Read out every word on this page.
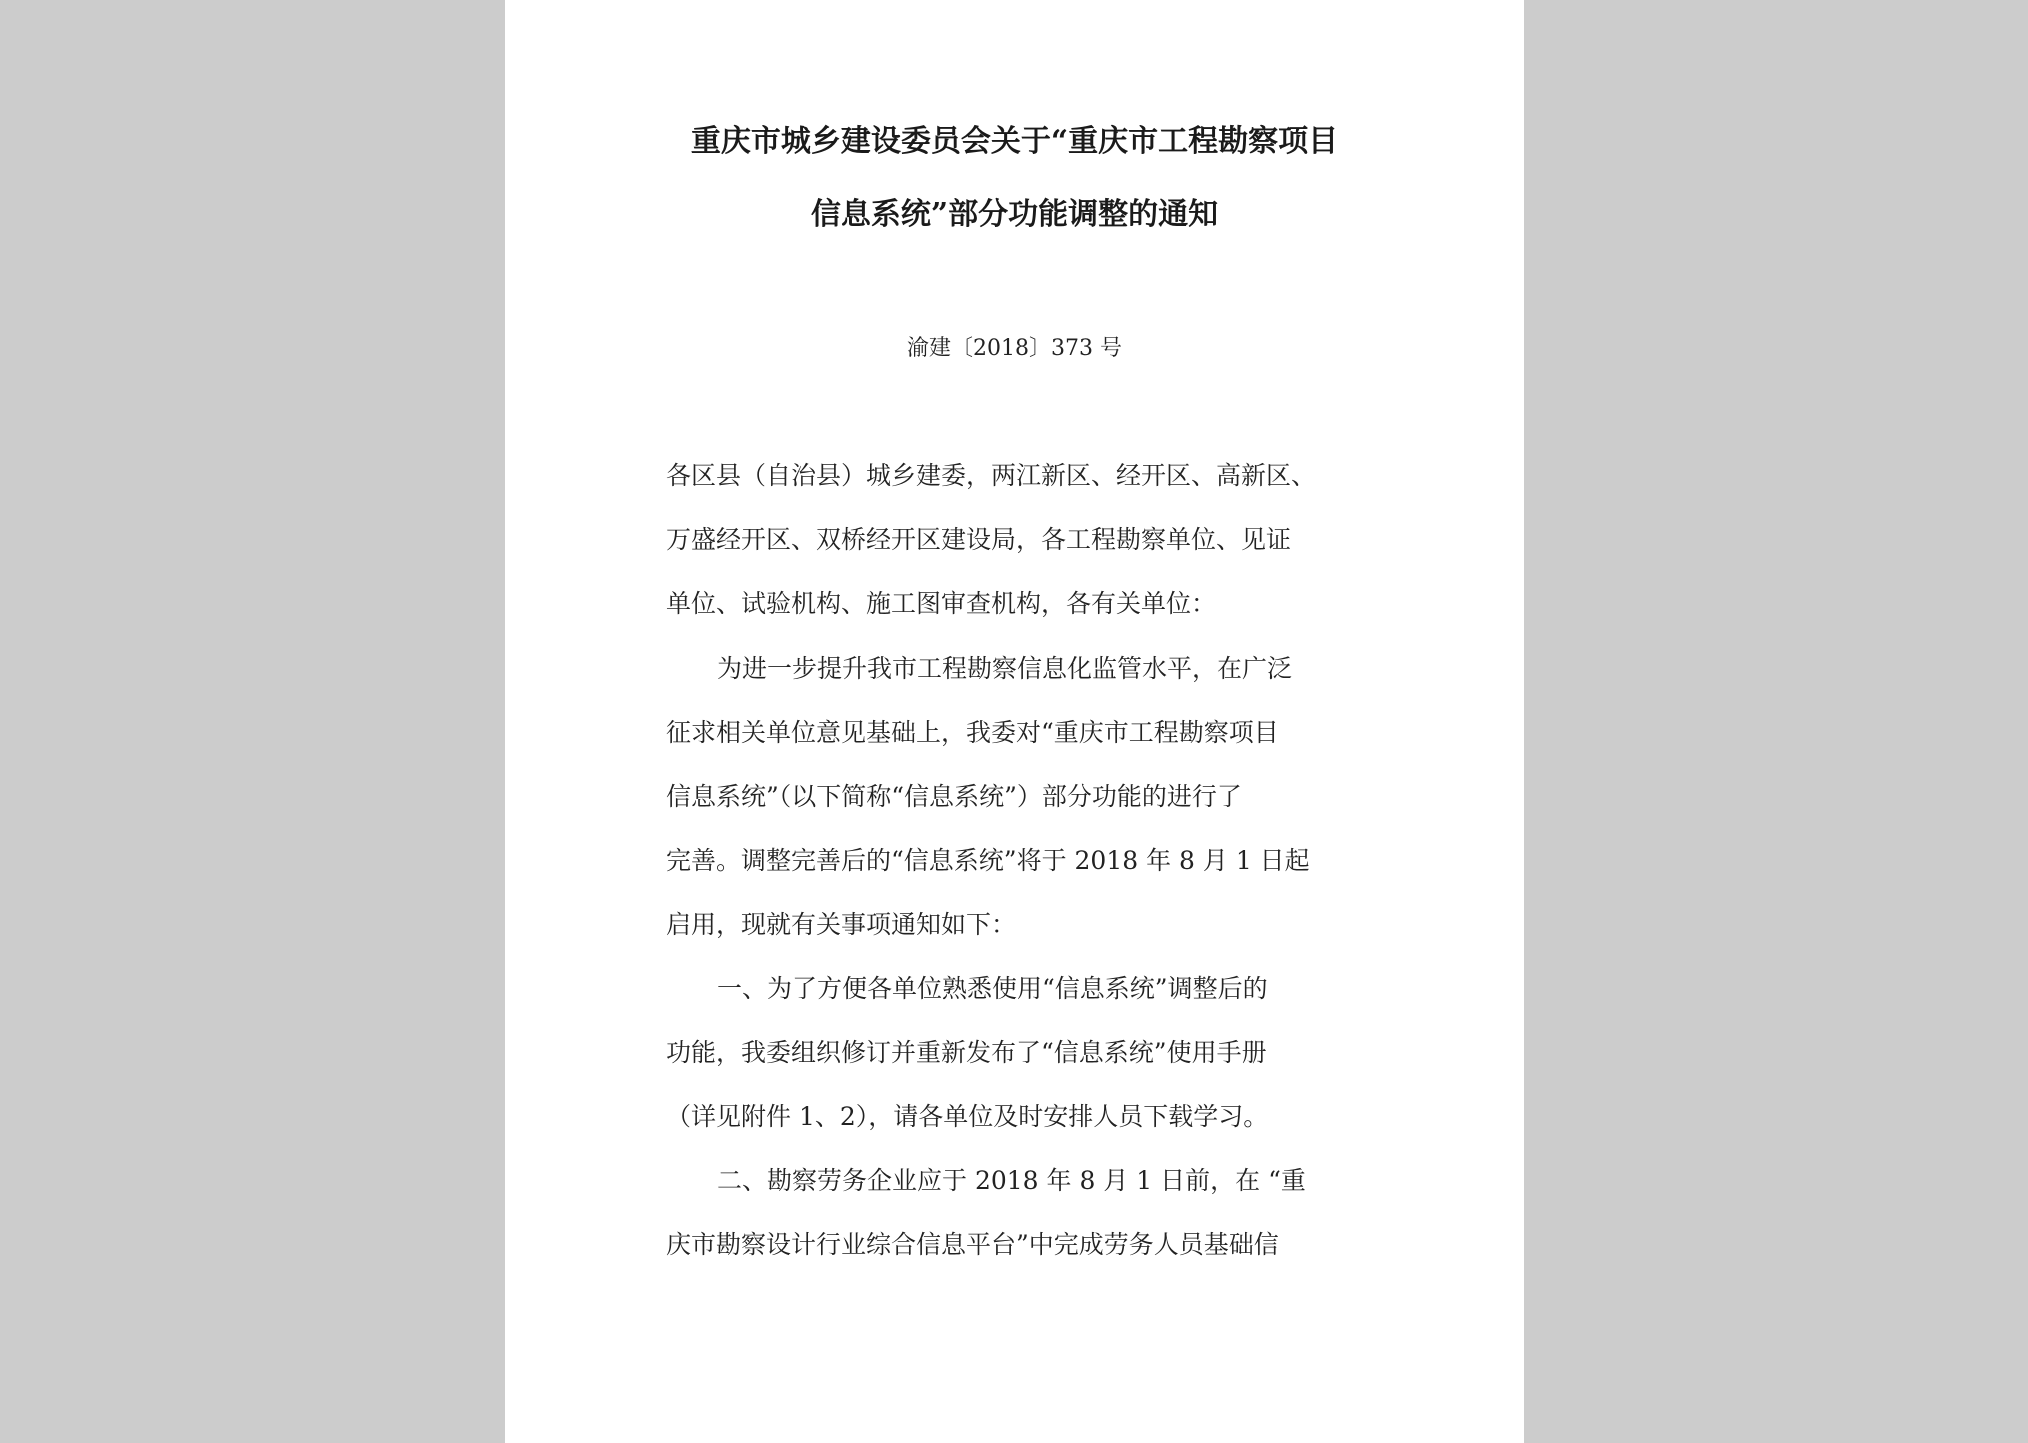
重庆市城乡建设委员会关于“重庆市工程勘察项目
信息系统”部分功能调整的通知
渝建〔2018〕373 号
各区县（自治县）城乡建委，两江新区、经开区、高新区、
万盛经开区、双桥经开区建设局，各工程勘察单位、见证
单位、试验机构、施工图审查机构，各有关单位：
为进一步提升我市工程勘察信息化监管水平，在广泛
征求相关单位意见基础上，我委对“重庆市工程勘察项目
信息系统”（以下简称“信息系统”）部分功能的进行了
完善。调整完善后的“信息系统”将于 2018 年 8 月 1 日起
启用，现就有关事项通知如下：
一、为了方便各单位熟悉使用“信息系统”调整后的
功能，我委组织修订并重新发布了“信息系统”使用手册
（详见附件 1、2），请各单位及时安排人员下载学习。
二、勘察劳务企业应于 2018 年 8 月 1 日前，在 “重
庆市勘察设计行业综合信息平台”中完成劳务人员基础信
